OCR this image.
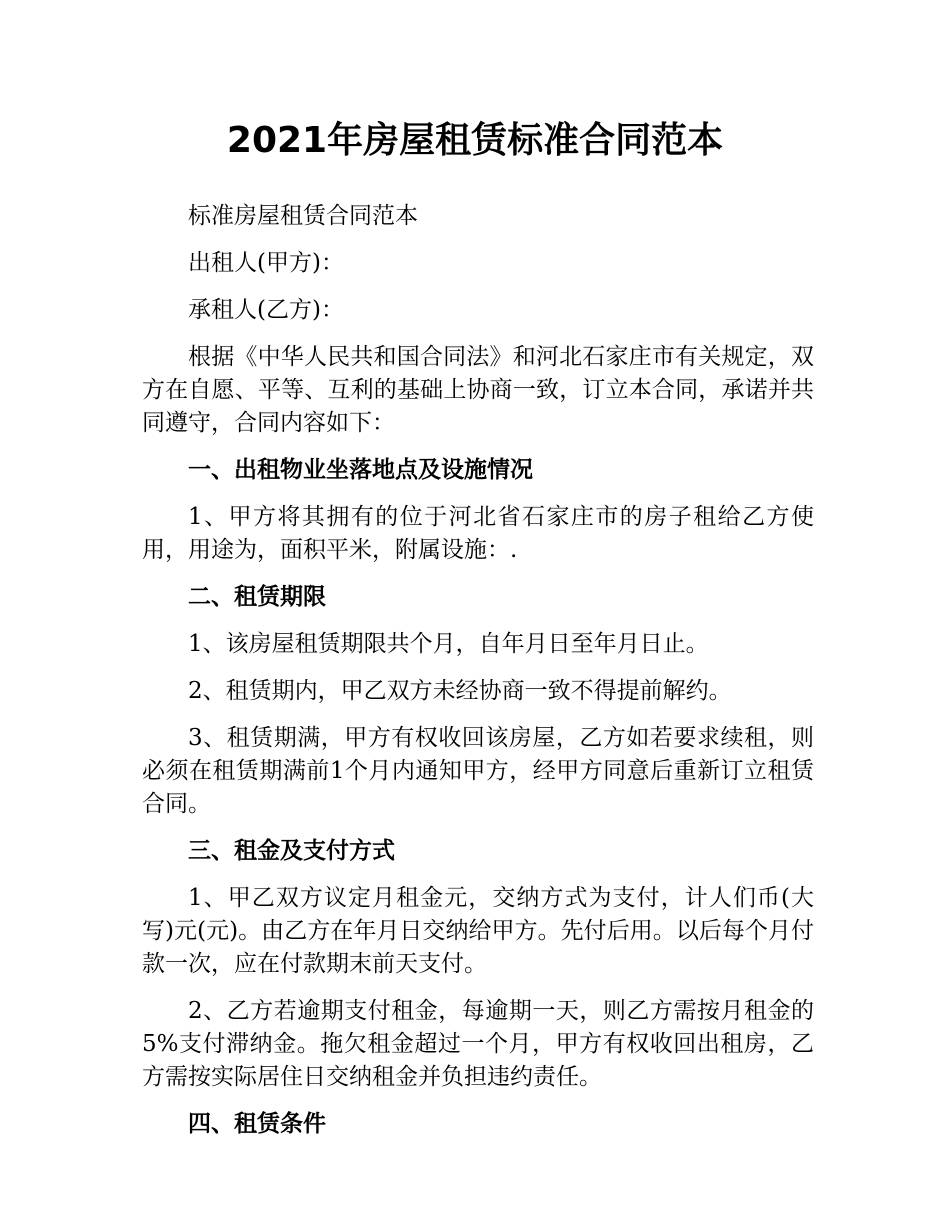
2021年房屋租赁标准合同范本

标准房屋租赁合同范本

出租人(甲方)：

承租人(乙方)：

根据《中华人民共和国合同法》和河北石家庄市有关规定，双方在自愿、平等、互利的基础上协商一致，订立本合同，承诺并共同遵守，合同内容如下：

一、出租物业坐落地点及设施情况

1、甲方将其拥有的位于河北省石家庄市的房子租给乙方使用，用途为，面积平米，附属设施：.

二、租赁期限

1、该房屋租赁期限共个月，自年月日至年月日止。

2、租赁期内，甲乙双方未经协商一致不得提前解约。

3、租赁期满，甲方有权收回该房屋，乙方如若要求续租，则必须在租赁期满前1个月内通知甲方，经甲方同意后重新订立租赁合同。

三、租金及支付方式

1、甲乙双方议定月租金元，交纳方式为支付，计人们币(大写)元(元)。由乙方在年月日交纳给甲方。先付后用。以后每个月付款一次，应在付款期末前天支付。

2、乙方若逾期支付租金，每逾期一天，则乙方需按月租金的5%支付滞纳金。拖欠租金超过一个月，甲方有权收回出租房，乙方需按实际居住日交纳租金并负担违约责任。

四、租赁条件
